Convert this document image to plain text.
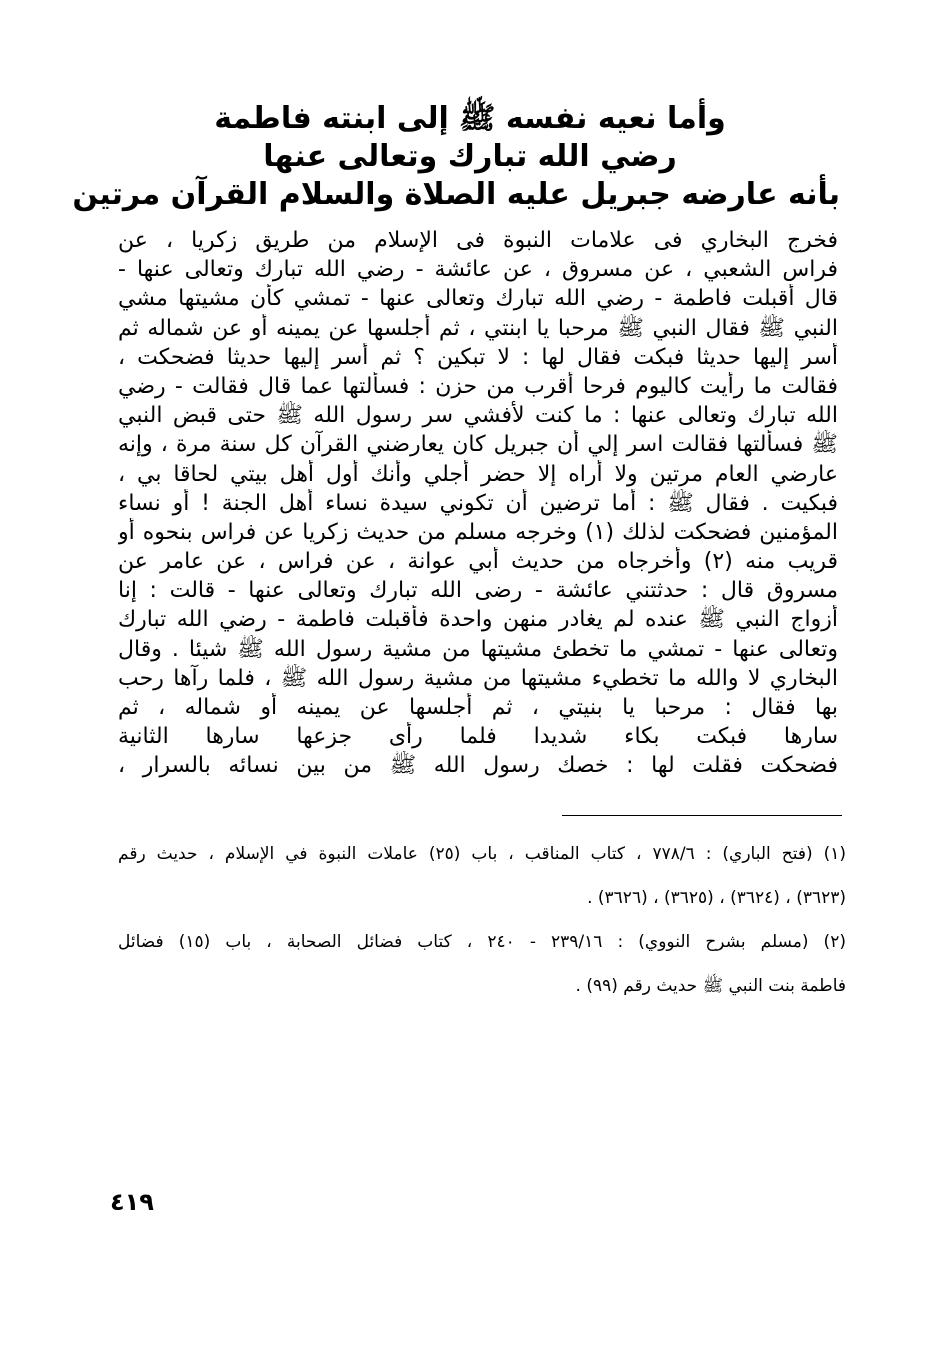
وأما نعيه نفسه ﷺ إلى ابنته فاطمة
رضي الله تبارك وتعالى عنها
بأنه عارضه جبريل عليه الصلاة والسلام القرآن مرتين
فخرج البخاري فى علامات النبوة فى الإسلام من طريق زكريا ، عن
فراس الشعبي ، عن مسروق ، عن عائشة - رضي الله تبارك وتعالى عنها -
قال أقبلت فاطمة - رضي الله تبارك وتعالى عنها - تمشي كأن مشيتها مشي
النبي ﷺ فقال النبي ﷺ مرحبا يا ابنتي ، ثم أجلسها عن يمينه أو عن شماله ثم
أسر إليها حديثا فبكت فقال لها : لا تبكين ؟ ثم أسر إليها حديثا فضحكت ،
فقالت ما رأيت كاليوم فرحا أقرب من حزن : فسألتها عما قال فقالت - رضي
الله تبارك وتعالى عنها : ما كنت لأفشي سر رسول الله ﷺ حتى قبض النبي
ﷺ فسألتها فقالت اسر إلي أن جبريل كان يعارضني القرآن كل سنة مرة ، وإنه
عارضي العام مرتين ولا أراه إلا حضر أجلي وأنك أول أهل بيتي لحاقا بي ،
فبكيت . فقال ﷺ : أما ترضين أن تكوني سيدة نساء أهل الجنة ! أو نساء
المؤمنين فضحكت لذلك (١) وخرجه مسلم من حديث زكريا عن فراس بنحوه أو
قريب منه (٢) وأخرجاه من حديث أبي عوانة ، عن فراس ، عن عامر عن
مسروق قال : حدثتني عائشة - رضى الله تبارك وتعالى عنها - قالت : إنا
أزواج النبي ﷺ عنده لم يغادر منهن واحدة فأقبلت فاطمة - رضي الله تبارك
وتعالى عنها - تمشي ما تخطئ مشيتها من مشية رسول الله ﷺ شيئا . وقال
البخاري لا والله ما تخطيء مشيتها من مشية رسول الله ﷺ ، فلما رآها رحب
بها فقال : مرحبا يا بنيتي ، ثم أجلسها عن يمينه أو شماله ، ثم
سارها فبكت بكاء شديدا فلما رأى جزعها سارها الثانية
فضحكت فقلت لها : خصك رسول الله ﷺ من بين نسائه بالسرار ،
(١) (فتح الباري) : ٧٧٨/٦ ، كتاب المناقب ، باب (٢٥) عاملات النبوة في الإسلام ، حديث رقم
(٣٦٢٣) ، (٣٦٢٤) ، (٣٦٢٥) ، (٣٦٢٦) .
(٢) (مسلم بشرح النووي) : ٢٣٩/١٦ - ٢٤٠ ، كتاب فضائل الصحابة ، باب (١٥) فضائل
فاطمة بنت النبي ﷺ حديث رقم (٩٩) .
٤١٩
